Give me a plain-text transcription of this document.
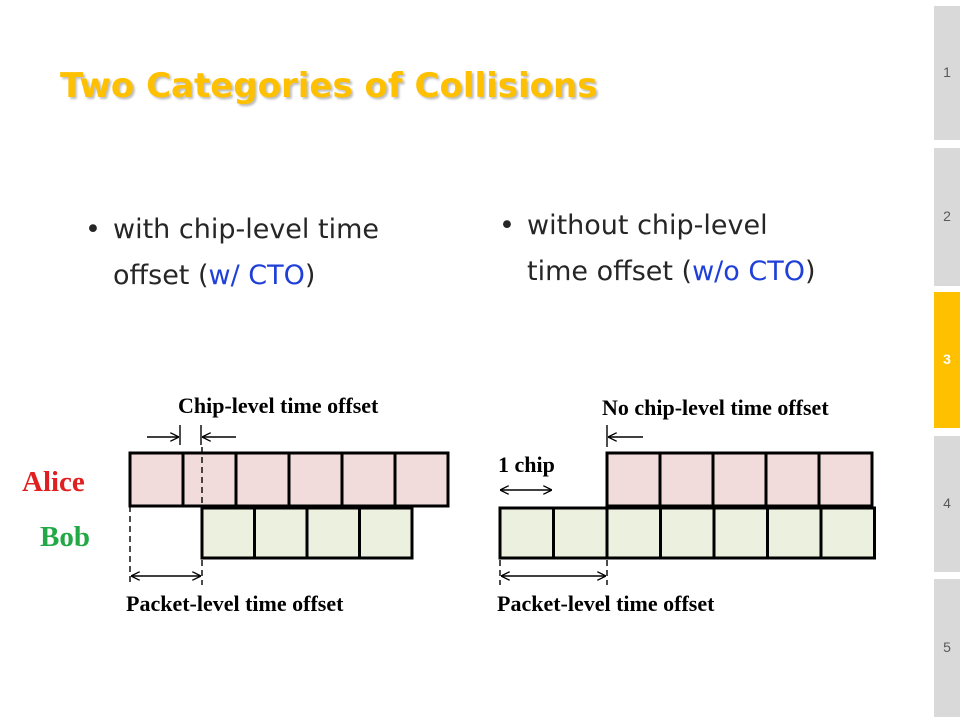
Two Categories of Collisions
• with chip-level time
offset (w/ CTO)
• without chip-level
time offset (w/o CTO)
Alice
Bob
Chip-level time offset
Packet-level time offset
No chip-level time offset
1 chip
Packet-level time offset
1
2
3
4
5
